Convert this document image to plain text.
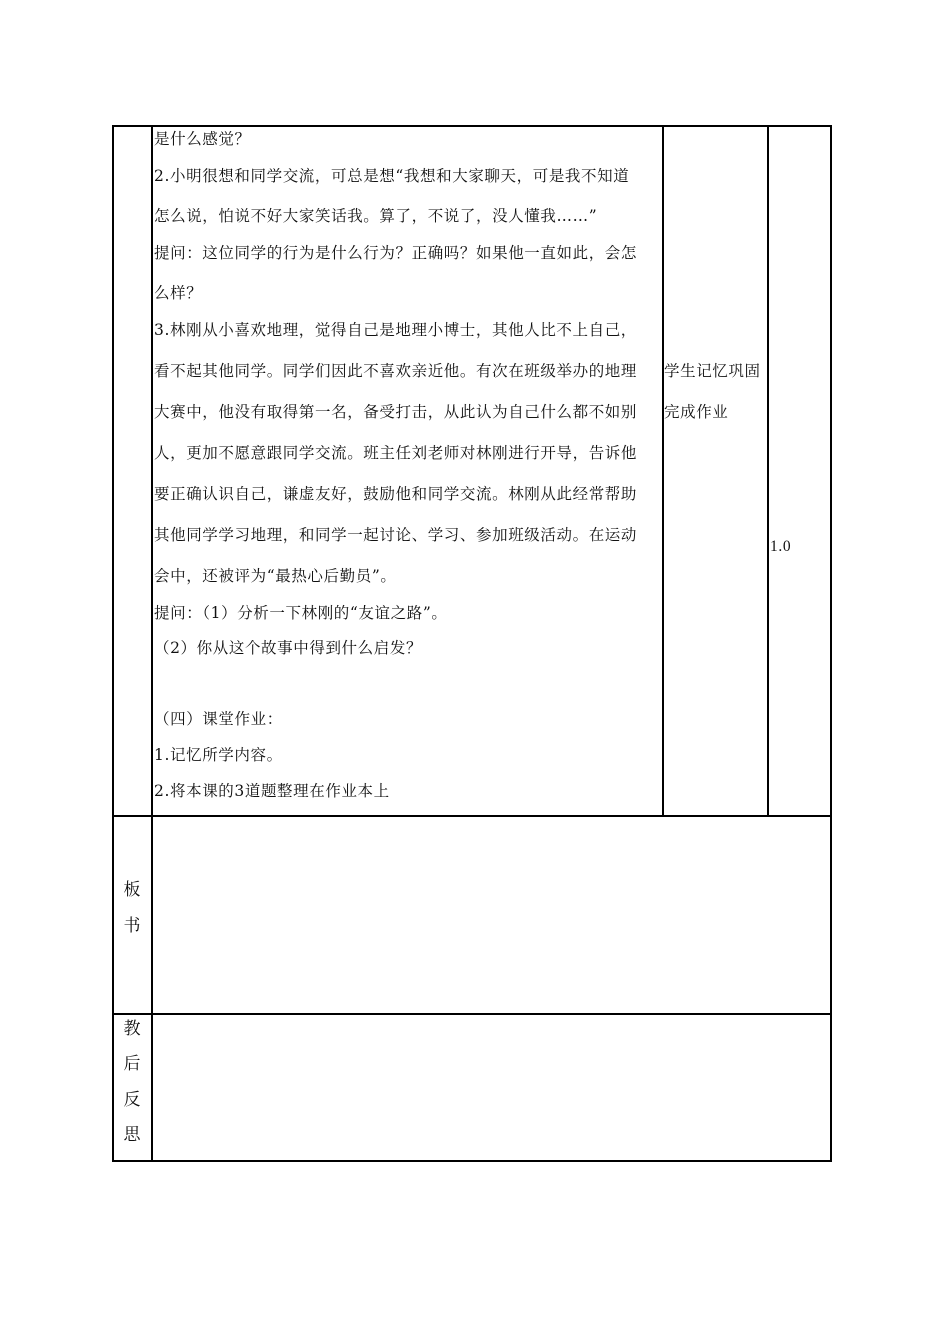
是什么感觉？
2.小明很想和同学交流，可总是想“我想和大家聊天，可是我不知道
怎么说，怕说不好大家笑话我。算了，不说了，没人懂我……”
提问：这位同学的行为是什么行为？正确吗？如果他一直如此，会怎
么样？
3.林刚从小喜欢地理，觉得自己是地理小博士，其他人比不上自己，
看不起其他同学。同学们因此不喜欢亲近他。有次在班级举办的地理
大赛中，他没有取得第一名，备受打击，从此认为自己什么都不如别
人，更加不愿意跟同学交流。班主任刘老师对林刚进行开导，告诉他
要正确认识自己，谦虚友好，鼓励他和同学交流。林刚从此经常帮助
其他同学学习地理，和同学一起讨论、学习、参加班级活动。在运动
会中，还被评为“最热心后勤员”。
提问：（1）分析一下林刚的“友谊之路”。
（2）你从这个故事中得到什么启发？
（四）课堂作业：
1.记忆所学内容。
2.将本课的3道题整理在作业本上
学生记忆巩固
完成作业
1.0
板
书
教
后
反
思
